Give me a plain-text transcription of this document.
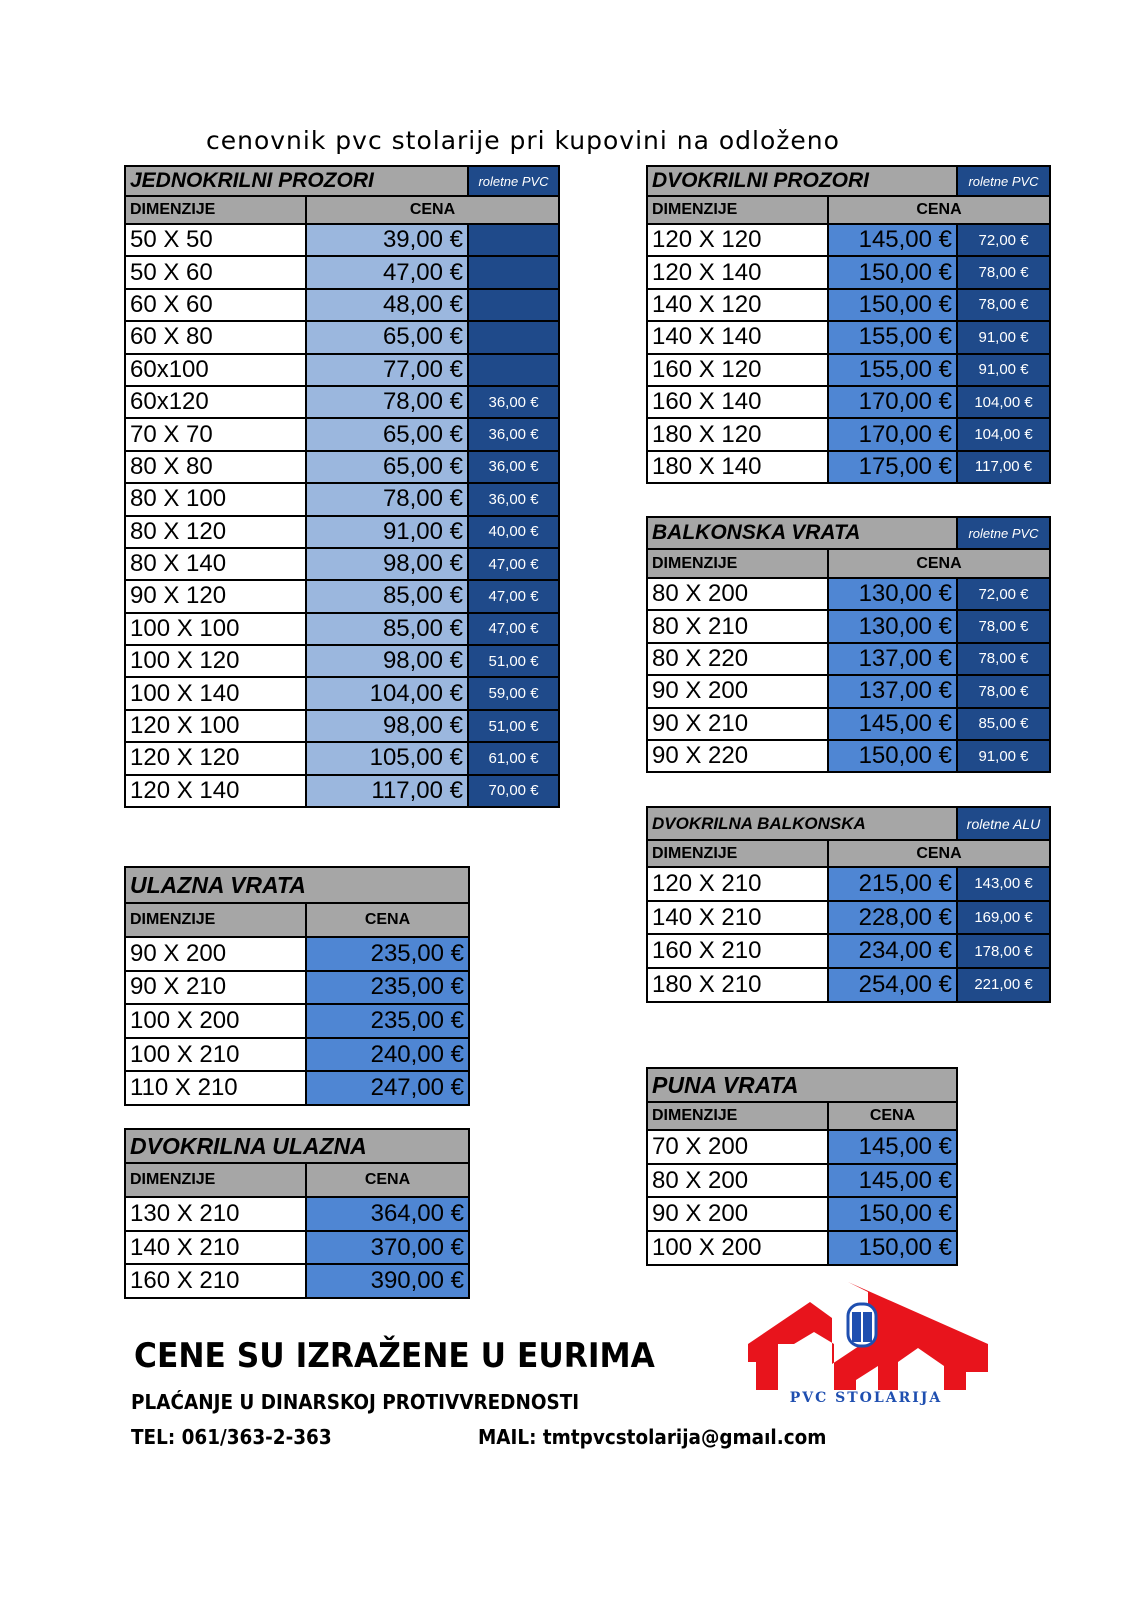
cenovnik pvc stolarije pri kupovini na odloženo
JEDNOKRILNI PROZORI		roletne PVC
DIMENZIJE	CENA	
50 X 50	39,00 €	
50 X 60	47,00 €	
60 X 60	48,00 €	
60 X 80	65,00 €	
60x100	77,00 €	
60x120	78,00 €	36,00 €
70 X 70	65,00 €	36,00 €
80 X 80	65,00 €	36,00 €
80 X 100	78,00 €	36,00 €
80 X 120	91,00 €	40,00 €
80 X 140	98,00 €	47,00 €
90 X 120	85,00 €	47,00 €
100 X 100	85,00 €	47,00 €
100 X 120	98,00 €	51,00 €
100 X 140	104,00 €	59,00 €
120 X 100	98,00 €	51,00 €
120 X 120	105,00 €	61,00 €
120 X 140	117,00 €	70,00 €
DVOKRILNI PROZORI		roletne PVC
DIMENZIJE	CENA	
120 X 120	145,00 €	72,00 €
120 X 140	150,00 €	78,00 €
140 X 120	150,00 €	78,00 €
140 X 140	155,00 €	91,00 €
160 X 120	155,00 €	91,00 €
160 X 140	170,00 €	104,00 €
180 X 120	170,00 €	104,00 €
180 X 140	175,00 €	117,00 €
BALKONSKA VRATA		roletne PVC
DIMENZIJE	CENA	
80 X 200	130,00 €	72,00 €
80 X 210	130,00 €	78,00 €
80 X 220	137,00 €	78,00 €
90 X 200	137,00 €	78,00 €
90 X 210	145,00 €	85,00 €
90 X 220	150,00 €	91,00 €
DVOKRILNA BALKONSKA		roletne ALU
DIMENZIJE	CENA	
120 X 210	215,00 €	143,00 €
140 X 210	228,00 €	169,00 €
160 X 210	234,00 €	178,00 €
180 X 210	254,00 €	221,00 €
ULAZNA VRATA	
DIMENZIJE	CENA
90 X 200	235,00 €
90 X 210	235,00 €
100 X 200	235,00 €
100 X 210	240,00 €
110 X 210	247,00 €
DVOKRILNA ULAZNA	
DIMENZIJE	CENA
130 X 210	364,00 €
140 X 210	370,00 €
160 X 210	390,00 €
PUNA VRATA	
DIMENZIJE	CENA
70 X 200	145,00 €
80 X 200	145,00 €
90 X 200	150,00 €
100 X 200	150,00 €
CENE SU IZRAŽENE U EURIMA
PLAĆANJE U DINARSKOJ PROTIVVREDNOSTI
TEL: 061/363-2-363	MAIL: tmtpvcstolarija@gmaıl.com
PVC STOLARIJA
